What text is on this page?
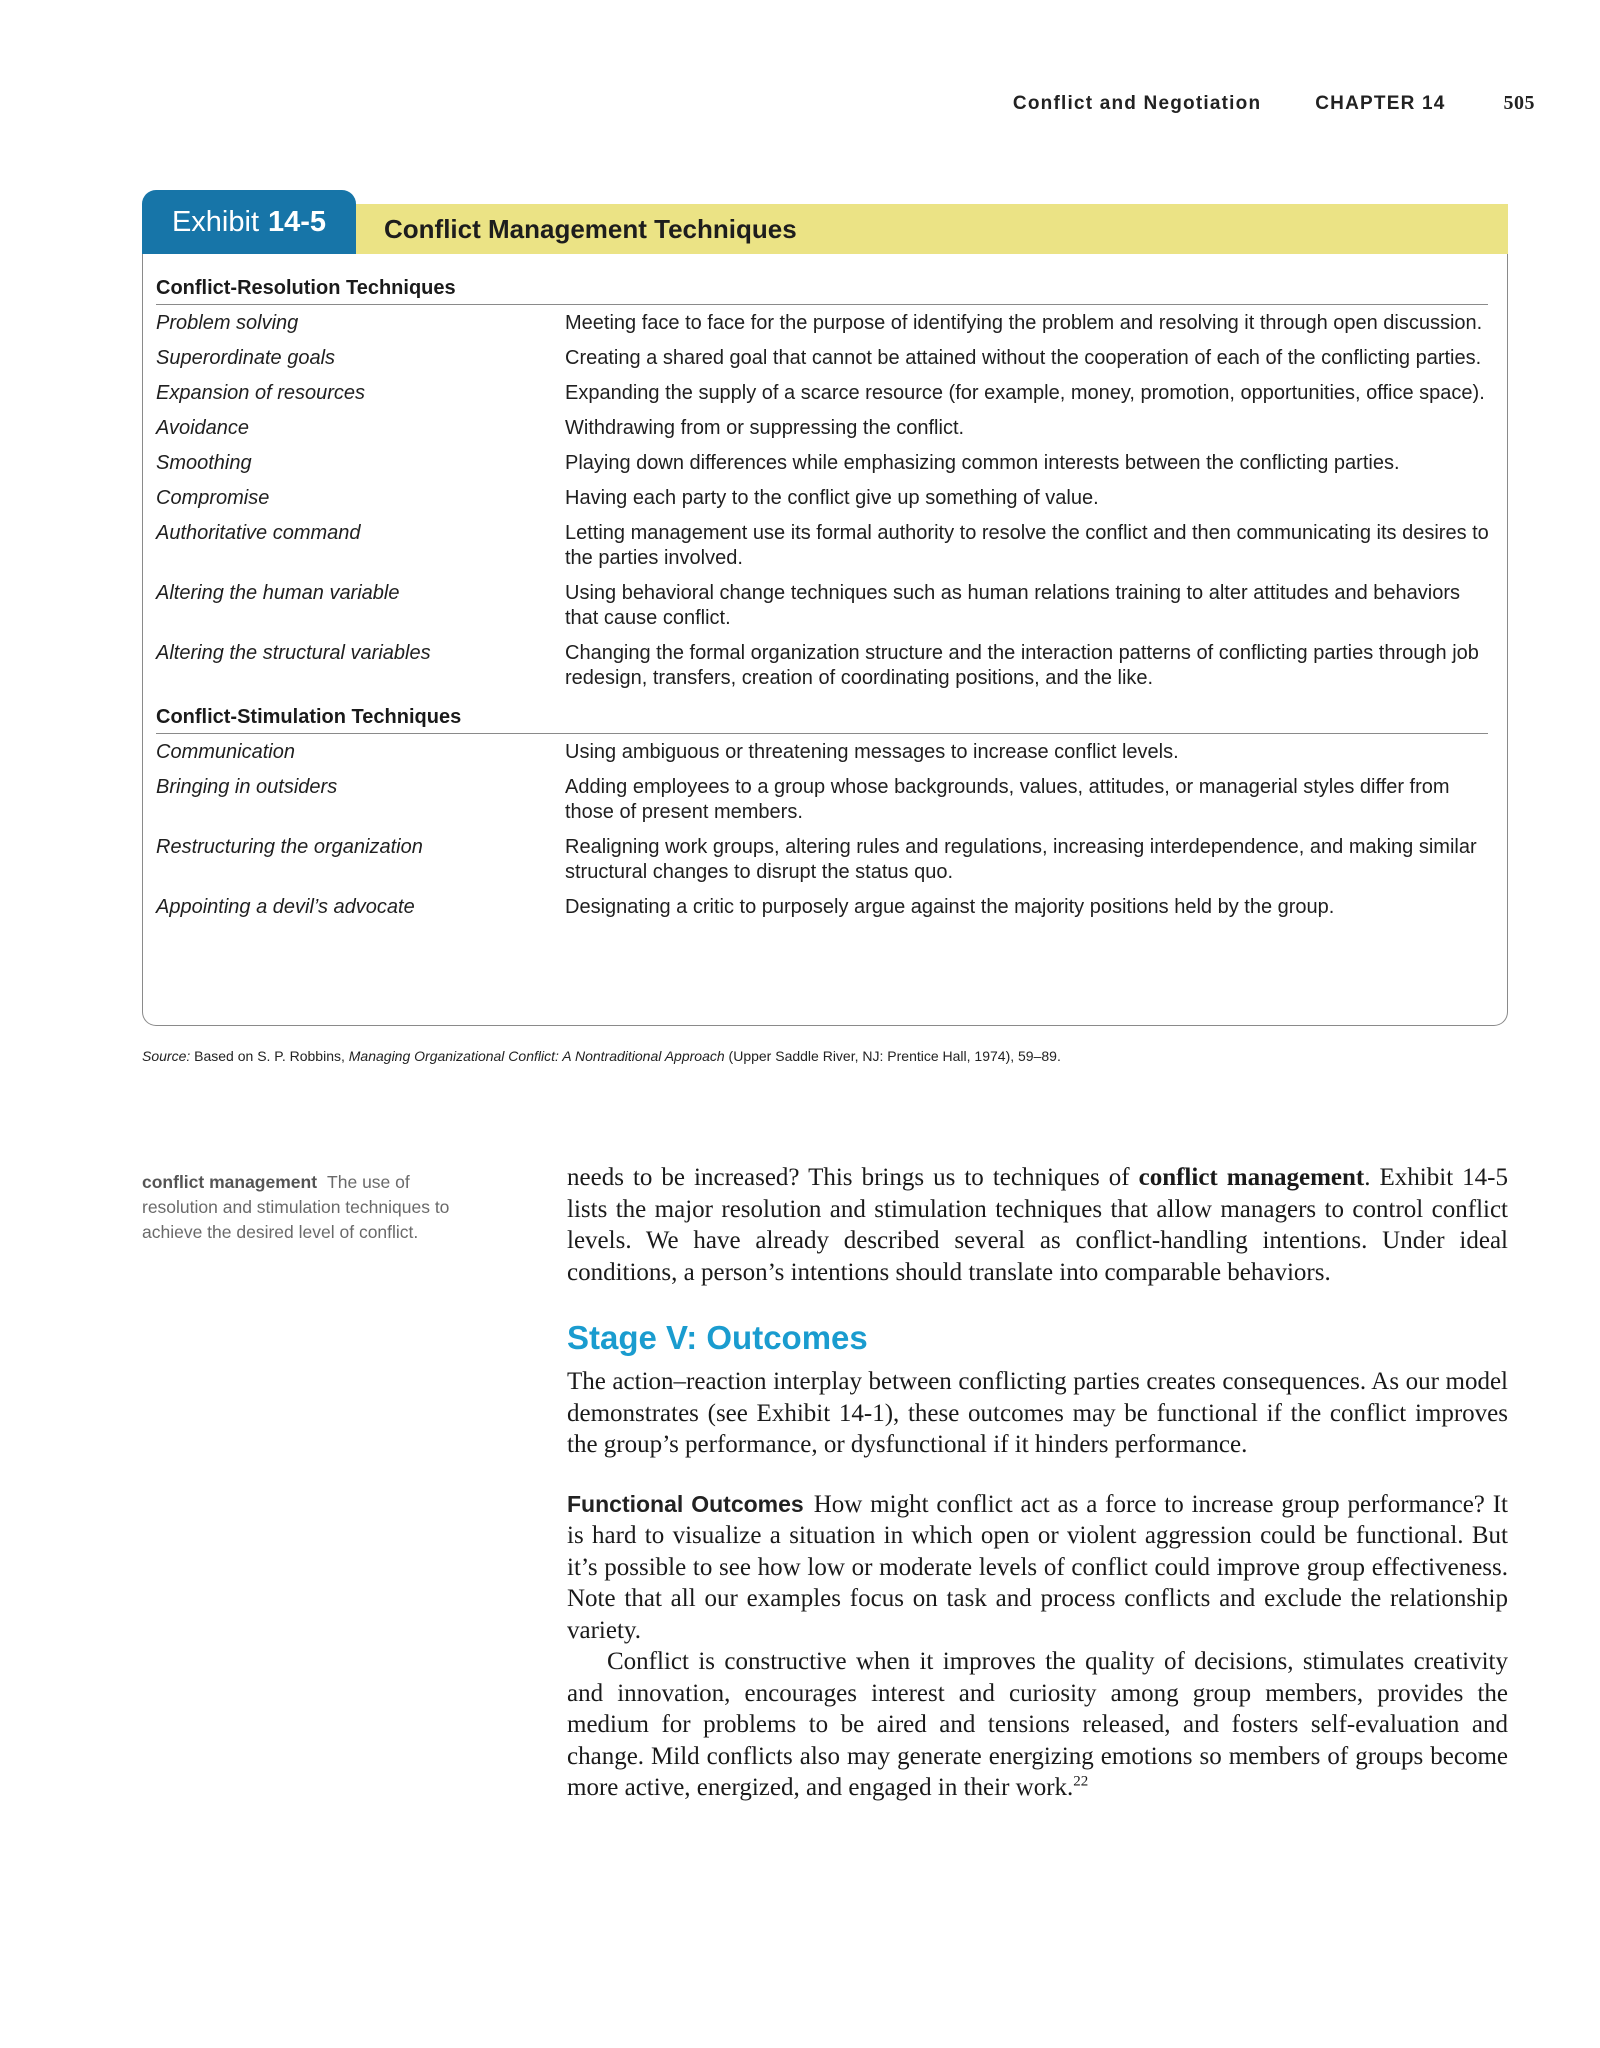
Conflict and Negotiation	CHAPTER 14	505
Exhibit 14-5 Conflict Management Techniques
Conflict-Resolution Techniques
Problem solving	Meeting face to face for the purpose of identifying the problem and resolving it through open discussion.
Superordinate goals	Creating a shared goal that cannot be attained without the cooperation of each of the conflicting parties.
Expansion of resources	Expanding the supply of a scarce resource (for example, money, promotion, opportunities, office space).
Avoidance	Withdrawing from or suppressing the conflict.
Smoothing	Playing down differences while emphasizing common interests between the conflicting parties.
Compromise	Having each party to the conflict give up something of value.
Authoritative command	Letting management use its formal authority to resolve the conflict and then communicating its desires to the parties involved.
Altering the human variable	Using behavioral change techniques such as human relations training to alter attitudes and behaviors that cause conflict.
Altering the structural variables	Changing the formal organization structure and the interaction patterns of conflicting parties through job redesign, transfers, creation of coordinating positions, and the like.
Conflict-Stimulation Techniques
Communication	Using ambiguous or threatening messages to increase conflict levels.
Bringing in outsiders	Adding employees to a group whose backgrounds, values, attitudes, or managerial styles differ from those of present members.
Restructuring the organization	Realigning work groups, altering rules and regulations, increasing interdependence, and making similar structural changes to disrupt the status quo.
Appointing a devil’s advocate	Designating a critic to purposely argue against the majority positions held by the group.
Source: Based on S. P. Robbins, Managing Organizational Conflict: A Nontraditional Approach (Upper Saddle River, NJ: Prentice Hall, 1974), 59–89.
conflict management The use of resolution and stimulation techniques to achieve the desired level of conflict.

needs to be increased? This brings us to techniques of conflict management. Exhibit 14-5 lists the major resolution and stimulation techniques that allow managers to control conflict levels. We have already described several as conflict-handling intentions. Under ideal conditions, a person’s intentions should translate into comparable behaviors.

Stage V: Outcomes

The action–reaction interplay between conflicting parties creates consequences. As our model demonstrates (see Exhibit 14-1), these outcomes may be functional if the conflict improves the group’s performance, or dysfunctional if it hinders performance.

Functional Outcomes How might conflict act as a force to increase group performance? It is hard to visualize a situation in which open or violent aggression could be functional. But it’s possible to see how low or moderate levels of conflict could improve group effectiveness. Note that all our examples focus on task and process conflicts and exclude the relationship variety.

Conflict is constructive when it improves the quality of decisions, stimulates creativity and innovation, encourages interest and curiosity among group members, provides the medium for problems to be aired and tensions released, and fosters self-evaluation and change. Mild conflicts also may generate energizing emotions so members of groups become more active, energized, and engaged in their work.$^{22}$
